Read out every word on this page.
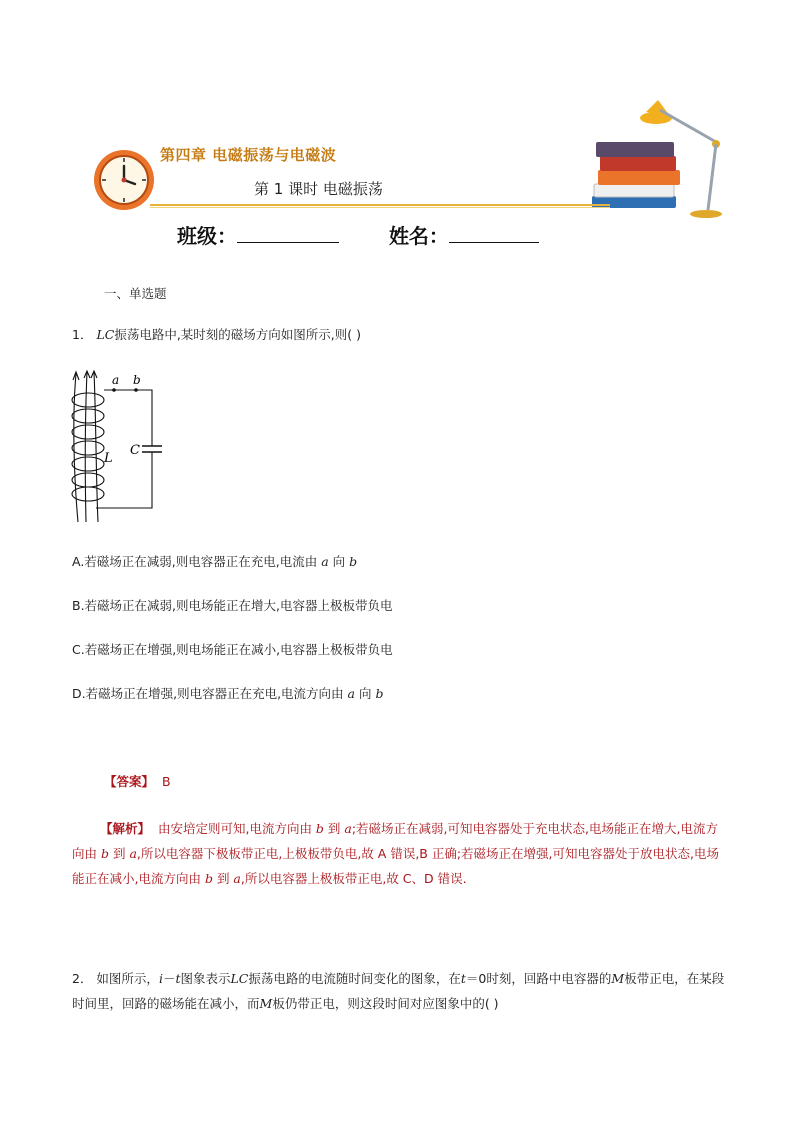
第四章 电磁振荡与电磁波
第 1 课时 电磁振荡
班级：	姓名：
一、单选题
1． LC振荡电路中,某时刻的磁场方向如图所示,则( )
a b
C
L
A.若磁场正在减弱,则电容器正在充电,电流由 a 向 b
B.若磁场正在减弱,则电场能正在增大,电容器上极板带负电
C.若磁场正在增强,则电场能正在减小,电容器上极板带负电
D.若磁场正在增强,则电容器正在充电,电流方向由 a 向 b
【答案】 B
【解析】 由安培定则可知,电流方向由 b 到 a;若磁场正在减弱,可知电容器处于充电状态,电场能正在增大,电流方向由 b 到 a,所以电容器下极板带正电,上极板带负电,故 A 错误,B 正确;若磁场正在增强,可知电容器处于放电状态,电场能正在减小,电流方向由 b 到 a,所以电容器上极板带正电,故 C、D 错误.
2． 如图所示，i－t图象表示LC振荡电路的电流随时间变化的图象，在t＝0时刻，回路中电容器的M板带正电，在某段时间里，回路的磁场能在减小，而M板仍带正电，则这段时间对应图象中的( )
